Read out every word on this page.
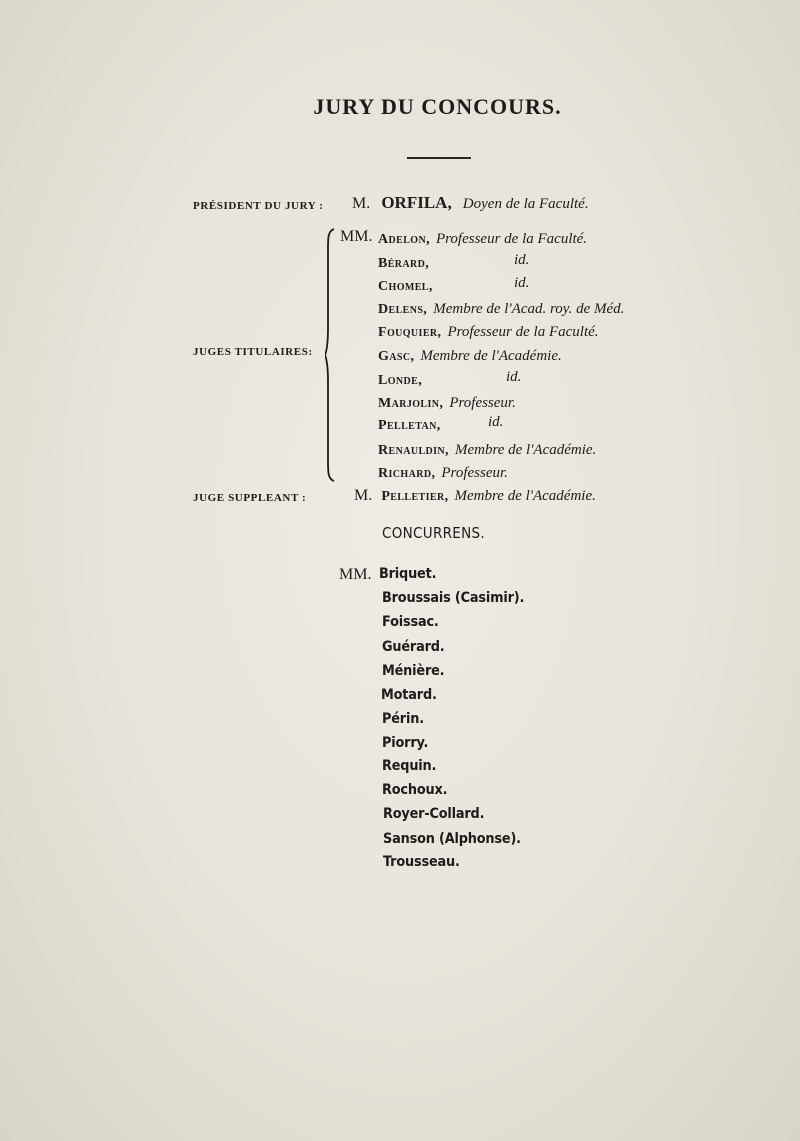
JURY DU CONCOURS.
PRÉSIDENT DU JURY : M. ORFILA, Doyen de la Faculté.
JUGES TITULAIRES:
MM. Adelon, Professeur de la Faculté.
Bérard,	id.
Chomel,	id.
Delens, Membre de l'Acad. roy. de Méd.
Fouquier, Professeur de la Faculté.
Gasc, Membre de l'Académie.
Londe,	id.
Marjolin, Professeur.
Pelletan,	id.
Renauldin, Membre de l'Académie.
Richard, Professeur.
JUGE SUPPLEANT :	M. Pelletier, Membre de l'Académie.
CONCURRENS.
MM. Briquet.
Broussais (Casimir).
Foissac.
Guérard.
Ménière.
Motard.
Périn.
Piorry.
Requin.
Rochoux.
Royer-Collard.
Sanson (Alphonse).
Trousseau.
